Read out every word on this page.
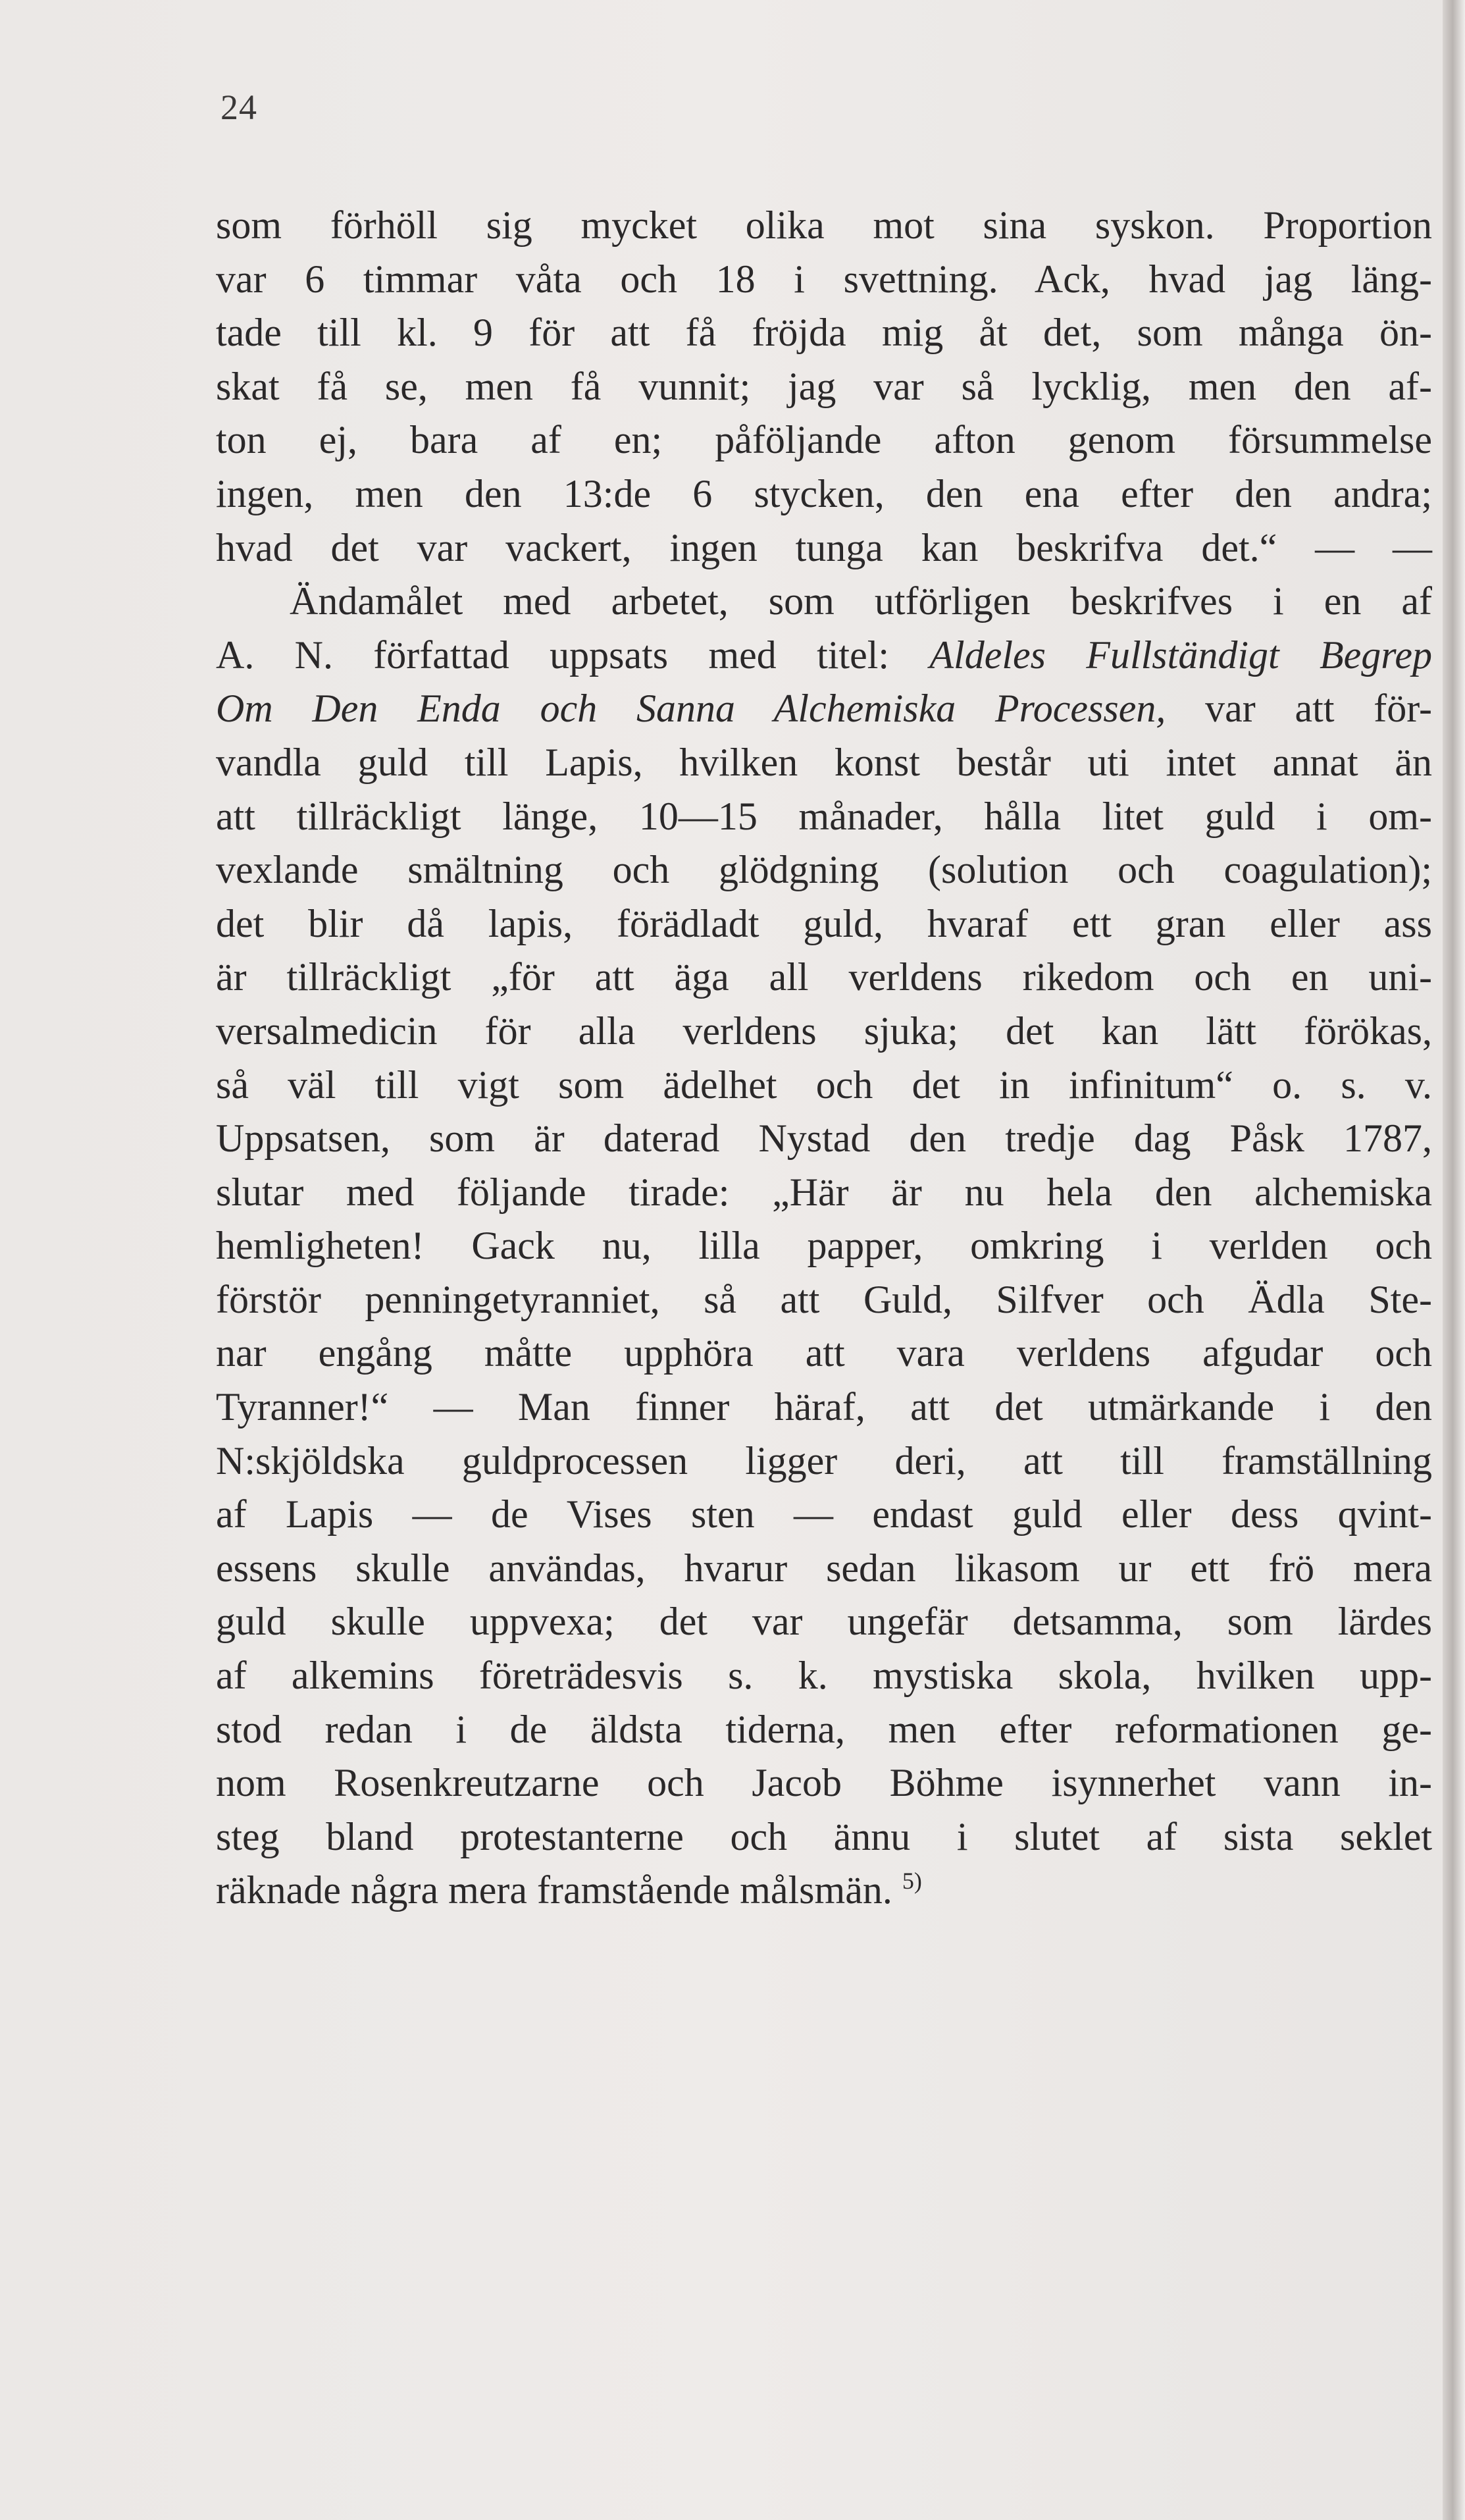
24
som förhöll sig mycket olika mot sina syskon. Proportion
var 6 timmar våta och 18 i svettning. Ack, hvad jag läng-
tade till kl. 9 för att få fröjda mig åt det, som många ön-
skat få se, men få vunnit; jag var så lycklig, men den af-
ton ej, bara af en; påföljande afton genom försummelse
ingen, men den 13:de 6 stycken, den ena efter den andra;
hvad det var vackert, ingen tunga kan beskrifva det.“ — —
Ändamålet med arbetet, som utförligen beskrifves i en af
A. N. författad uppsats med titel: Aldeles Fullständigt Begrep
Om Den Enda och Sanna Alchemiska Processen, var att för-
vandla guld till Lapis, hvilken konst består uti intet annat än
att tillräckligt länge, 10—15 månader, hålla litet guld i om-
vexlande smältning och glödgning (solution och coagulation);
det blir då lapis, förädladt guld, hvaraf ett gran eller ass
är tillräckligt „för att äga all verldens rikedom och en uni-
versalmedicin för alla verldens sjuka; det kan lätt förökas,
så väl till vigt som ädelhet och det in infinitum“ o. s. v.
Uppsatsen, som är daterad Nystad den tredje dag Påsk 1787,
slutar med följande tirade: „Här är nu hela den alchemiska
hemligheten! Gack nu, lilla papper, omkring i verlden och
förstör penningetyranniet, så att Guld, Silfver och Ädla Ste-
nar engång måtte upphöra att vara verldens afgudar och
Tyranner!“ — Man finner häraf, att det utmärkande i den
N:skjöldska guldprocessen ligger deri, att till framställning
af Lapis — de Vises sten — endast guld eller dess qvint-
essens skulle användas, hvarur sedan likasom ur ett frö mera
guld skulle uppvexa; det var ungefär detsamma, som lärdes
af alkemins företrädesvis s. k. mystiska skola, hvilken upp-
stod redan i de äldsta tiderna, men efter reformationen ge-
nom Rosenkreutzarne och Jacob Böhme isynnerhet vann in-
steg bland protestanterne och ännu i slutet af sista seklet
räknade några mera framstående målsmän. $^{5)}$
